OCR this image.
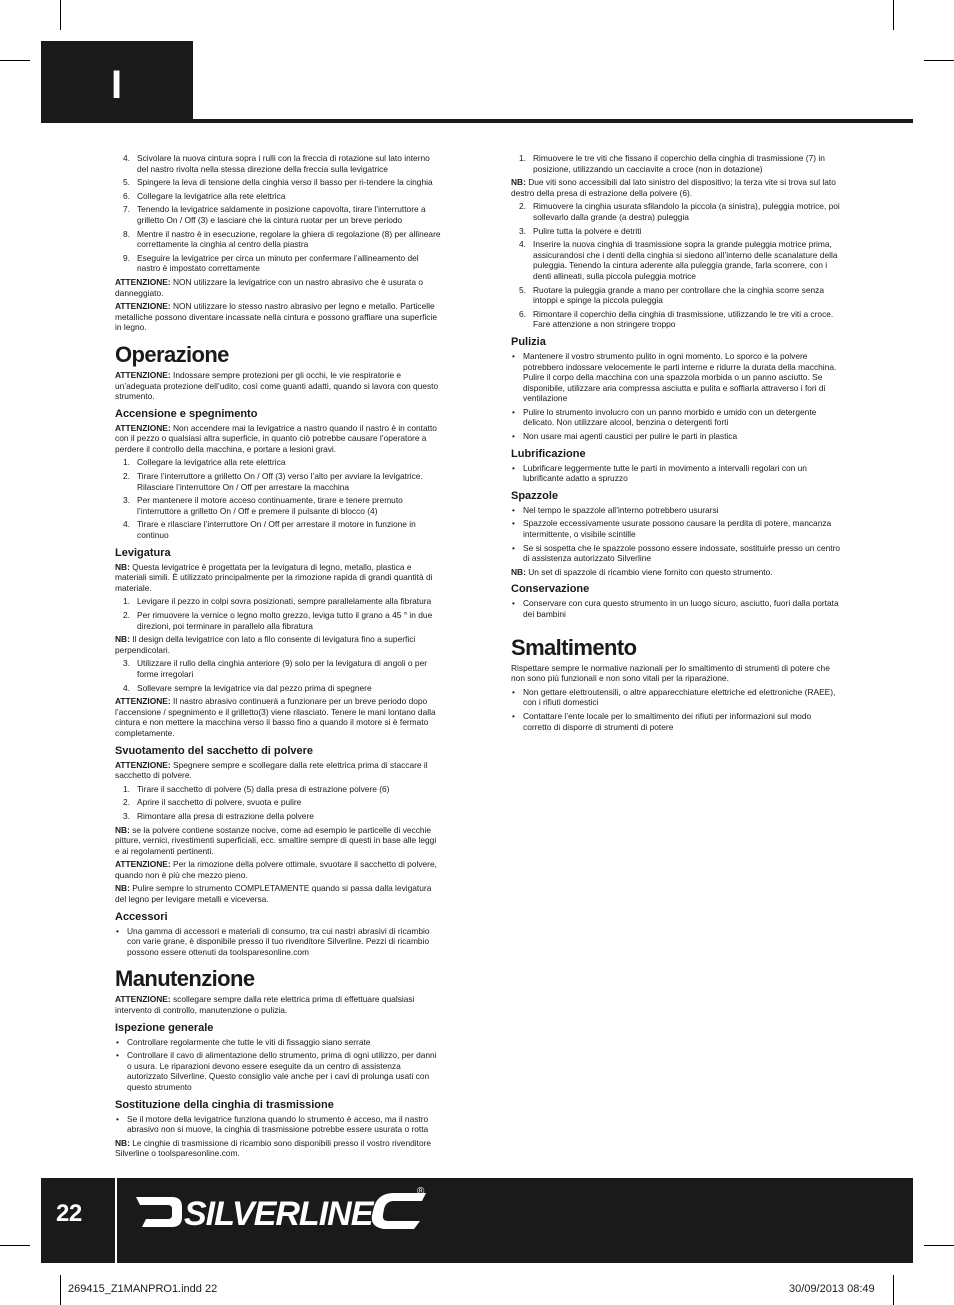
I
4. Scivolare la nuova cintura sopra i rulli con la freccia di rotazione sul lato interno del nastro rivolta nella stessa direzione della freccia sulla levigatrice
5. Spingere la leva di tensione della cinghia verso il basso per ri-tendere la cinghia
6. Collegare la levigatrice alla rete elettrica
7. Tenendo la levigatrice saldamente in posizione capovolta, tirare l’interruttore a grilletto On / Off (3) e lasciare che la cintura ruotar per un breve periodo
8. Mentre il nastro è in esecuzione, regolare la ghiera di regolazione (8) per allineare correttamente la cinghia al centro della piastra
9. Eseguire la levigatrice per circa un minuto per confermare l’allineamento del nastro è impostato correttamente
ATTENZIONE: NON utilizzare la levigatrice con un nastro abrasivo che è usurata o danneggiato.
ATTENZIONE: NON utilizzare lo stesso nastro abrasivo per legno e metallo. Particelle metalliche possono diventare incassate nella cintura e possono graffiare una superficie in legno.
Operazione
ATTENZIONE: Indossare sempre protezioni per gli occhi, le vie respiratorie e un’adeguata protezione dell’udito, così come guanti adatti, quando si lavora con questo strumento.
Accensione e spegnimento
ATTENZIONE: Non accendere mai la levigatrice a nastro quando il nastro è in contatto con il pezzo o qualsiasi altra superficie, in quanto ciò potrebbe causare l’operatore a perdere il controllo della macchina, e portare a lesioni gravi.
1. Collegare la levigatrice alla rete elettrica
2. Tirare l’interruttore a grilletto On / Off (3) verso l’alto per avviare la levigatrice. Rilasciare l’interruttore On / Off per arrestare la macchina
3. Per mantenere il motore acceso continuamente, tirare e tenere premuto l’interruttore a grilletto On / Off e premere il pulsante di blocco (4)
4. Tirare e rilasciare l’interruttore On / Off per arrestare il motore in funzione in continuo
Levigatura
NB: Questa levigatrice è progettata per la levigatura di legno, metallo, plastica e materiali simili. È utilizzato principalmente per la rimozione rapida di grandi quantità di materiale.
1. Levigare il pezzo in colpi sovra posizionati, sempre parallelamente alla fibratura
2. Per rimuovere la vernice o legno molto grezzo, leviga tutto il grano a 45 ° in due direzioni, poi terminare in parallelo alla fibratura
NB: Il design della levigatrice con lato a filo consente di levigatura fino a superfici perpendicolari.
3. Utilizzare il rullo della cinghia anteriore (9) solo per la levigatura di angoli o per forme irregolari
4. Sollevare sempre la levigatrice via dal pezzo prima di spegnere
ATTENZIONE: Il nastro abrasivo continuerà a funzionare per un breve periodo dopo l’accensione / spegnimento e il grilletto(3) viene rilasciato. Tenere le mani lontano dalla cintura e non mettere la macchina verso il basso fino a quando il motore si è fermato completamente.
Svuotamento del sacchetto di polvere
ATTENZIONE: Spegnere sempre e scollegare dalla rete elettrica prima di staccare il sacchetto di polvere.
1. Tirare il sacchetto di polvere (5) dalla presa di estrazione polvere (6)
2. Aprire il sacchetto di polvere, svuota e pulire
3. Rimontare alla presa di estrazione della polvere
NB: se la polvere contiene sostanze nocive, come ad esempio le particelle di vecchie pitture, vernici, rivestimenti superficiali, ecc. smaltire sempre di questi in base alle leggi e ai regolamenti pertinenti.
ATTENZIONE: Per la rimozione della polvere ottimale, svuotare il sacchetto di polvere, quando non è più che mezzo pieno.
NB: Pulire sempre lo strumento COMPLETAMENTE quando si passa dalla levigatura del legno per levigare metalli e viceversa.
Accessori
• Una gamma di accessori e materiali di consumo, tra cui nastri abrasivi di ricambio con varie grane, è disponibile presso il tuo rivenditore Silverline. Pezzi di ricambio possono essere ottenuti da toolsparesonline.com
Manutenzione
ATTENZIONE: scollegare sempre dalla rete elettrica prima di effettuare qualsiasi intervento di controllo, manutenzione o pulizia.
Ispezione generale
• Controllare regolarmente che tutte le viti di fissaggio siano serrate
• Controllare il cavo di alimentazione dello strumento, prima di ogni utilizzo, per danni o usura. Le riparazioni devono essere eseguite da un centro di assistenza autorizzato Silverline. Questo consiglio vale anche per i cavi di prolunga usati con questo strumento
Sostituzione della cinghia di trasmissione
• Se il motore della levigatrice funziona quando lo strumento è acceso, ma il nastro abrasivo non si muove, la cinghia di trasmissione potrebbe essere usurata o rotta
NB: Le cinghie di trasmissione di ricambio sono disponibili presso il vostro rivenditore Silverline o toolsparesonline.com.
1. Rimuovere le tre viti che fissano il coperchio della cinghia di trasmissione (7) in posizione, utilizzando un cacciavite a croce (non in dotazione)
NB: Due viti sono accessibili dal lato sinistro del dispositivo; la terza vite si trova sul lato destro della presa di estrazione della polvere (6).
2. Rimuovere la cinghia usurata sfilandolo la piccola (a sinistra), puleggia motrice, poi sollevarlo dalla grande (a destra) puleggia
3. Pulire tutta la polvere e detriti
4. Inserire la nuova cinghia di trasmissione sopra la grande puleggia motrice prima, assicurandosi che i denti della cinghia si siedono all’interno delle scanalature della puleggia. Tenendo la cintura aderente alla puleggia grande, farla scorrere, con i denti allineati, sulla piccola puleggia motrice
5. Ruotare la puleggia grande a mano per controllare che la cinghia scorre senza intoppi e spinge la piccola puleggia
6. Rimontare il coperchio della cinghia di trasmissione, utilizzando le tre viti a croce. Fare attenzione a non stringere troppo
Pulizia
• Mantenere il vostro strumento pulito in ogni momento. Lo sporco e la polvere potrebbero indossare velocemente le parti interne e ridurre la durata della macchina. Pulire il corpo della macchina con una spazzola morbida o un panno asciutto. Se disponibile, utilizzare aria compressa asciutta e pulita e soffiarla attraverso i fori di ventilazione
• Pulire lo strumento involucro con un panno morbido e umido con un detergente delicato. Non utilizzare alcool, benzina o detergenti forti
• Non usare mai agenti caustici per pulire le parti in plastica
Lubrificazione
• Lubrificare leggermente tutte le parti in movimento a intervalli regolari con un lubrificante adatto a spruzzo
Spazzole
• Nel tempo le spazzole all’interno potrebbero usurarsi
• Spazzole eccessivamente usurate possono causare la perdita di potere, mancanza intermittente, o visibile scintille
• Se si sospetta che le spazzole possono essere indossate, sostituirle presso un centro di assistenza autorizzato Silverline
NB: Un set di spazzole di ricambio viene fornito con questo strumento.
Conservazione
• Conservare con cura questo strumento in un luogo sicuro, asciutto, fuori dalla portata dei bambini
Smaltimento
Rispettare sempre le normative nazionali per lo smaltimento di strumenti di potere che non sono più funzionali e non sono vitali per la riparazione.
• Non gettare elettroutensili, o altre apparecchiature elettriche ed elettroniche (RAEE), con i rifiuti domestici
• Contattare l’ente locale per lo smaltimento dei rifiuti per informazioni sul modo corretto di disporre di strumenti di potere
22	SILVERLINE
®
269415_Z1MANPRO1.indd 22	30/09/2013 08:49
